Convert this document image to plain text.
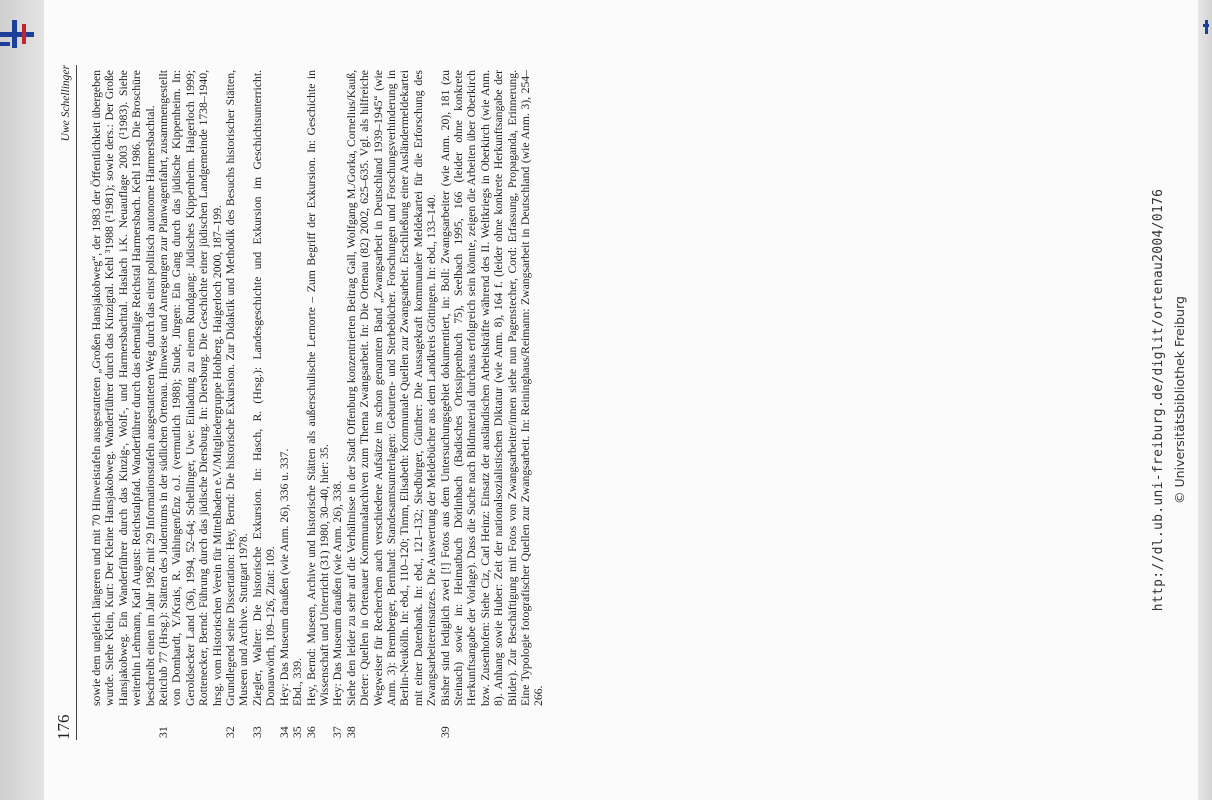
176
Uwe Schellinger sowie dem ungleich längeren und mit 70 Hinweistafeln ausgestatteten „Großen Hansjakobweg“, der 1983 der Öffentlichkeit übergeben wurde. Siehe Klein, Kurt: Der Kleine Hansjakobweg. Wanderführer durch das Kinzigtal. Kehl ³1988 (¹1981); sowie ders.: Der Große Hansjakobweg. Ein Wanderführer durch das Kinzig-, Wolf-, und Harmersbachtal. Haslach i.K. Neuauflage 2003 (¹1983). Siehe weiterhin Lehmann, Karl August: Reichstalpfad. Wanderführer durch das ehemalige Reichstal Harmersbach. Kehl 1986. Die Broschüre beschreibt einen im Jahr 1982 mit 29 Informationstafeln ausgestatteten Weg durch das einst politisch autonome Harmersbachtal.
31
Reitclub 77 (Hrsg.): Stätten des Judentums in der südlichen Ortenau. Hinweise und Anregungen zur Planwagenfahrt, zusammengestellt von Domhardt, Y./Krais, R. Vaihingen/Enz o.J. (vermutlich 1988); Stude, Jürgen: Ein Gang durch das jüdische Kippenheim. In: Geroldsecker Land (36), 1994, 52–64; Schellinger, Uwe: Einladung zu einem Rundgang: Jüdisches Kippenheim. Haigerloch 1999; Rottenecker, Bernd: Führung durch das jüdische Diersburg. In: Diersburg. Die Geschichte einer jüdischen Landgemeinde 1738–1940, hrsg. vom Historischen Verein für Mittelbaden e.V./Mitgliedergruppe Hohberg. Haigerloch 2000, 187–199.
32
Grundlegend seine Dissertation: Hey, Bernd: Die historische Exkursion. Zur Didaktik und Methodik des Besuchs historischer Stätten, Museen und Archive. Stuttgart 1978.
33
Ziegler, Walter: Die historische Exkursion. In: Hasch, R. (Hrsg.): Landesgeschichte und Exkursion im Geschichtsunterricht. Donauwörth, 109–126, Zitat: 109.
34
Hey: Das Museum draußen (wie Anm. 26), 336 u. 337.
35
Ebd., 339.
36
Hey, Bernd: Museen, Archive und historische Stätten als außerschulische Lernorte – Zum Begriff der Exkursion. In: Geschichte in Wissenschaft und Unterricht (31) 1980, 30–40, hier: 35.
37
Hey: Das Museum draußen (wie Anm. 26), 338.
38
Siehe den leider zu sehr auf die Verhältnisse in der Stadt Offenburg konzentrierten Beitrag Gall, Wolfgang M./Gorka, Cornelius/Kauß, Dieter: Quellen in Ortenauer Kommunalarchiven zum Thema Zwangsarbeit. In: Die Ortenau (82) 2002, 625–635. Vgl. als hilfreiche Wegweiser für Recherchen auch verschiedene Aufsätze im schon genannten Band „Zwangsarbeit in Deutschland 1939–1945“ (wie Anm. 3): Bremberger, Bernhard: Standesamtsunterlagen: Geburten- und Sterbebücher. Forschungen und Forschungsverhinderung in Berlin-Neukölln. In: ebd., 110–120; Timm, Elisabeth: Kommunale Quellen zur Zwangsarbeit. Erschließung einer Ausländermeldekartei mit einer Datenbank. In: ebd., 121–132; Siedbürger, Günther: Die Aussagekraft kommunaler Meldekartei für die Erforschung des Zwangsarbeitereinsatzes. Die Auswertung der Meldebücher aus dem Landkreis Göttingen. In: ebd., 133–140.
39
Bisher sind lediglich zwei [!] Fotos aus dem Untersuchungsgebiet dokumentiert, in: Boll: Zwangsarbeiter (wie Anm. 20), 181 (zu Steinach) sowie in: Heimatbuch Dörlinbach (Badisches Ortssippenbuch 75), Seelbach 1995, 166 (leider ohne konkrete Herkunftsangabe der Vorlage). Dass die Suche nach Bildmaterial durchaus erfolgreich sein könnte, zeigen die Arbeiten über Oberkirch bzw. Zusenhofen: Siehe Ciz, Carl Heinz: Einsatz der ausländischen Arbeitskräfte während des II. Weltkriegs in Oberkirch (wie Anm. 8). Anhang sowie Huber: Zeit der nationalsozialistischen Diktatur (wie Anm. 8), 164 f. (leider ohne konkrete Herkunftsangabe der Bilder). Zur Beschäftigung mit Fotos von Zwangsarbeiter/innen siehe nun Pagenstecher, Cord: Erfassung, Propaganda, Erinnerung. Eine Typologie fotografischer Quellen zur Zwangsarbeit. In: Reininghaus/Reimann: Zwangsarbeit in Deutschland (wie Anm. 3), 254–266.
http://dl.ub.uni-freiburg.de/diglit/ortenau2004/0176 © Universitätsbibliothek Freiburg
